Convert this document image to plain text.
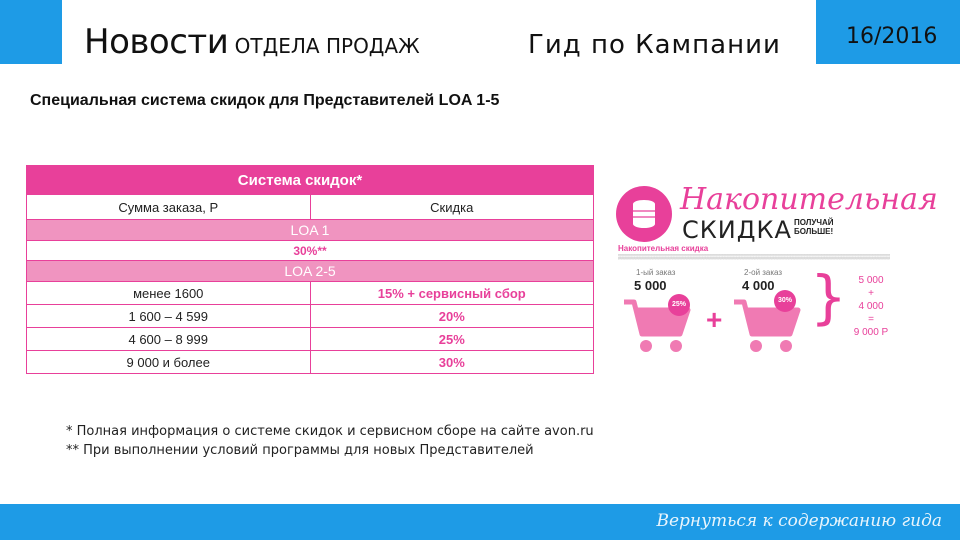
Новости ОТДЕЛА ПРОДАЖ	Гид по Кампании	16/2016
Специальная система скидок для Представителей LOA 1-5
Система скидок*
Сумма заказа, Р	Скидка
LOA 1
30%**
LOA 2-5
менее 1600	15% + сервисный сбор
1 600 – 4 599	20%
4 600 – 8 999	25%
9 000 и более	30%
Накопительная
СКИДКА ПОЛУЧАЙ БОЛЬШЕ!
Накопительная скидка
▒▒▒▒▒▒▒▒▒▒▒▒▒▒▒▒▒▒▒▒▒▒▒▒▒▒▒▒▒▒▒▒▒▒▒▒▒▒▒▒▒▒▒▒▒▒▒▒▒▒▒▒▒▒▒▒▒▒▒▒▒▒▒▒
1-ый заказ
5 000
25% +
2-ой заказ
4 000
30% }	5 000
+
4 000
=
9 000 Р
* Полная информация о системе скидок и сервисном сборе на сайте avon.ru
** При выполнении условий программы для новых Представителей
Вернуться к содержанию гида
